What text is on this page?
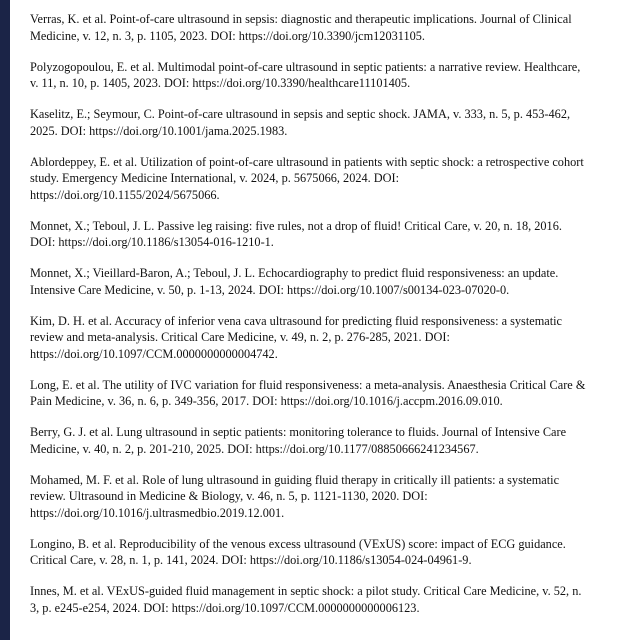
Verras, K. et al. Point-of-care ultrasound in sepsis: diagnostic and therapeutic implications. Journal of Clinical Medicine, v. 12, n. 3, p. 1105, 2023. DOI: https://doi.org/10.3390/jcm12031105.

Polyzogopoulou, E. et al. Multimodal point-of-care ultrasound in septic patients: a narrative review. Healthcare, v. 11, n. 10, p. 1405, 2023. DOI: https://doi.org/10.3390/healthcare11101405.

Kaselitz, E.; Seymour, C. Point-of-care ultrasound in sepsis and septic shock. JAMA, v. 333, n. 5, p. 453-462, 2025. DOI: https://doi.org/10.1001/jama.2025.1983.

Ablordeppey, E. et al. Utilization of point-of-care ultrasound in patients with septic shock: a retrospective cohort study. Emergency Medicine International, v. 2024, p. 5675066, 2024. DOI: https://doi.org/10.1155/2024/5675066.

Monnet, X.; Teboul, J. L. Passive leg raising: five rules, not a drop of fluid! Critical Care, v. 20, n. 18, 2016. DOI: https://doi.org/10.1186/s13054-016-1210-1.

Monnet, X.; Vieillard-Baron, A.; Teboul, J. L. Echocardiography to predict fluid responsiveness: an update. Intensive Care Medicine, v. 50, p. 1-13, 2024. DOI: https://doi.org/10.1007/s00134-023-07020-0.

Kim, D. H. et al. Accuracy of inferior vena cava ultrasound for predicting fluid responsiveness: a systematic review and meta-analysis. Critical Care Medicine, v. 49, n. 2, p. 276-285, 2021. DOI: https://doi.org/10.1097/CCM.0000000000004742.

Long, E. et al. The utility of IVC variation for fluid responsiveness: a meta-analysis. Anaesthesia Critical Care & Pain Medicine, v. 36, n. 6, p. 349-356, 2017. DOI: https://doi.org/10.1016/j.accpm.2016.09.010.

Berry, G. J. et al. Lung ultrasound in septic patients: monitoring tolerance to fluids. Journal of Intensive Care Medicine, v. 40, n. 2, p. 201-210, 2025. DOI: https://doi.org/10.1177/08850666241234567.

Mohamed, M. F. et al. Role of lung ultrasound in guiding fluid therapy in critically ill patients: a systematic review. Ultrasound in Medicine & Biology, v. 46, n. 5, p. 1121-1130, 2020. DOI: https://doi.org/10.1016/j.ultrasmedbio.2019.12.001.

Longino, B. et al. Reproducibility of the venous excess ultrasound (VExUS) score: impact of ECG guidance. Critical Care, v. 28, n. 1, p. 141, 2024. DOI: https://doi.org/10.1186/s13054-024-04961-9.

Innes, M. et al. VExUS-guided fluid management in septic shock: a pilot study. Critical Care Medicine, v. 52, n. 3, p. e245-e254, 2024. DOI: https://doi.org/10.1097/CCM.0000000000006123.
